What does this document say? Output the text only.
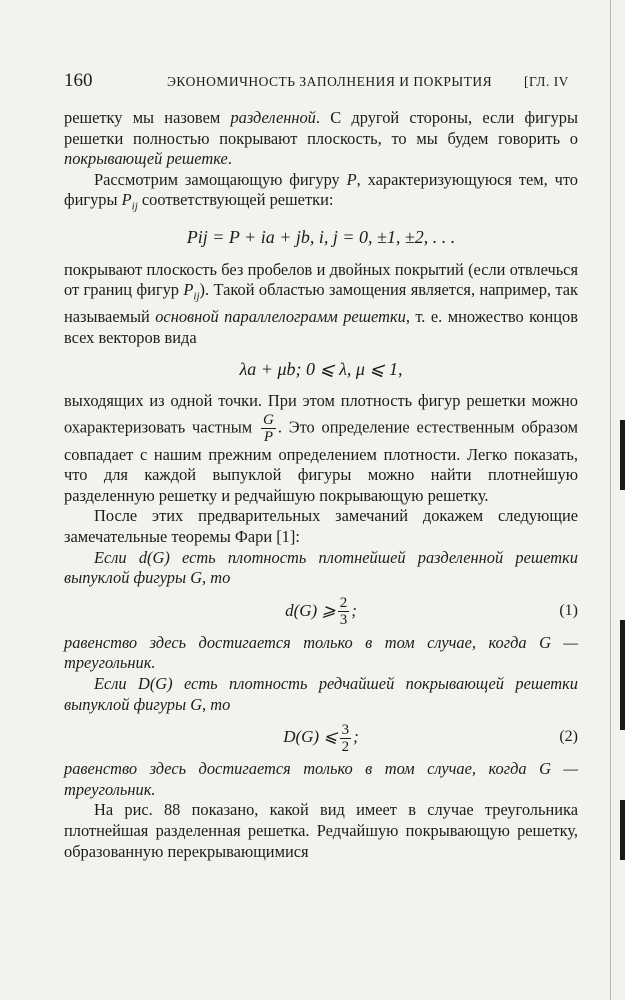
160	ЭКОНОМИЧНОСТЬ ЗАПОЛНЕНИЯ И ПОКРЫТИЯ [ГЛ. IV

решетку мы назовем разделенной. С другой стороны, если фигуры решетки полностью покрывают плоскость, то мы будем говорить о покрывающей решетке.

Рассмотрим замощающую фигуру P, характеризующуюся тем, что фигуры $P_{ij}$ соответствующей решетки:

Pij = P + ia + jb, i, j = 0, ±1, ±2, . . .

покрывают плоскость без пробелов и двойных покрытий (если отвлечься от границ фигур $P_{ij}$). Такой областью замощения является, например, так называемый основной параллелограмм решетки, т. е. множество концов всех векторов вида

λa + μb; 0 ⩽ λ, μ ⩽ 1,

выходящих из одной точки. При этом плотность фигур решетки можно охарактеризовать частным $\frac{G}{P}$ . Это определение естественным образом совпадает с нашим прежним определением плотности. Легко показать, что для каждой выпуклой фигуры можно найти плотнейшую разделенную решетку и редчайшую покрывающую решетку.

После этих предварительных замечаний докажем следующие замечательные теоремы Фари [1]:

Если d(G) есть плотность плотнейшей разделенной решетки выпуклой фигуры G, то

d(G) ⩾ $\frac{2}{3}$ ;	(1)

равенство здесь достигается только в том случае, когда G — треугольник.

Если D(G) есть плотность редчайшей покрывающей решетки выпуклой фигуры G, то

D(G) ⩽ $\frac{3}{2}$ ;	(2)

равенство здесь достигается только в том случае, когда G — треугольник.

На рис. 88 показано, какой вид имеет в случае треугольника плотнейшая разделенная решетка. Редчайшую покрывающую решетку, образованную перекрывающимися
